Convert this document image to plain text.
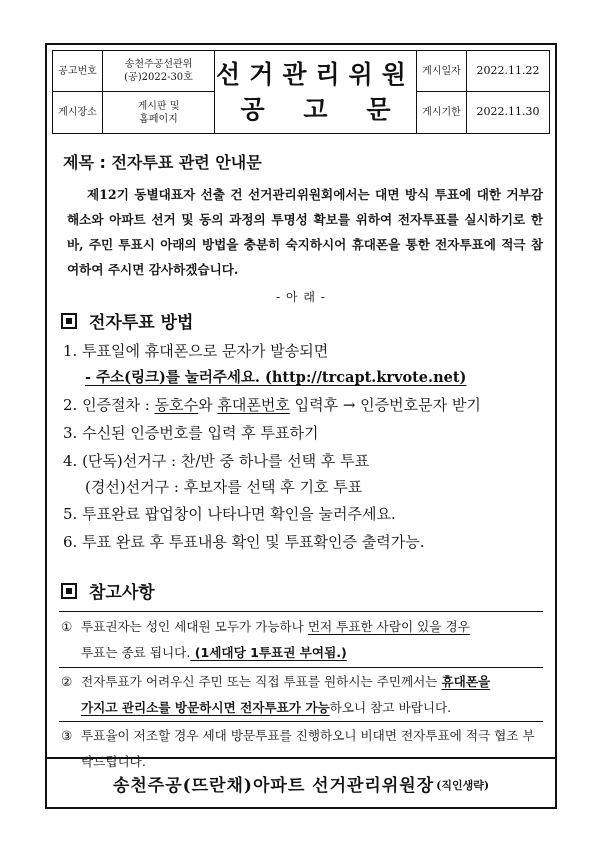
공고번호
송천주공선관위
(공)2022-30호
게시장소
게시판 및
홈페이지
선거관리위원
공 고 문
게시일자	2022.11.22
게시기한	2022.11.30
제목 : 전자투표 관련 안내문
제12기 동별대표자 선출 건 선거관리위원회에서는 대면 방식 투표에 대한 거부감 해소와 아파트 선거 및 동의 과정의 투명성 확보를 위하여 전자투표를 실시하기로 한바, 주민 투표시 아래의 방법을 충분히 숙지하시어 휴대폰을 통한 전자투표에 적극 참여하여 주시면 감사하겠습니다.
- 아 래 -
전자투표 방법
1. 투표일에 휴대폰으로 문자가 발송되면
- 주소(링크)를 눌러주세요. (http://trcapt.krvote.net)
2. 인증절차 : 동호수와 휴대폰번호 입력후 → 인증번호문자 받기
3. 수신된 인증번호를 입력 후 투표하기
4. (단독)선거구 : 찬/반 중 하나를 선택 후 투표
(경선)선거구 : 후보자를 선택 후 기호 투표
5. 투표완료 팝업창이 나타나면 확인을 눌러주세요.
6. 투표 완료 후 투표내용 확인 및 투표확인증 출력가능.
참고사항
① 투표권자는 성인 세대원 모두가 가능하나 먼저 투표한 사람이 있을 경우
투표는 종료 됩니다. (1세대당 1투표권 부여됨.)
② 전자투표가 어려우신 주민 또는 직접 투표를 원하시는 주민께서는 휴대폰을
가지고 관리소를 방문하시면 전자투표가 가능하오니 참고 바랍니다.
③ 투표율이 저조할 경우 세대 방문투표를 진행하오니 비대면 전자투표에 적극 협조 부탁드립니다.
송천주공(뜨란채)아파트 선거관리위원장 (직인생략)
